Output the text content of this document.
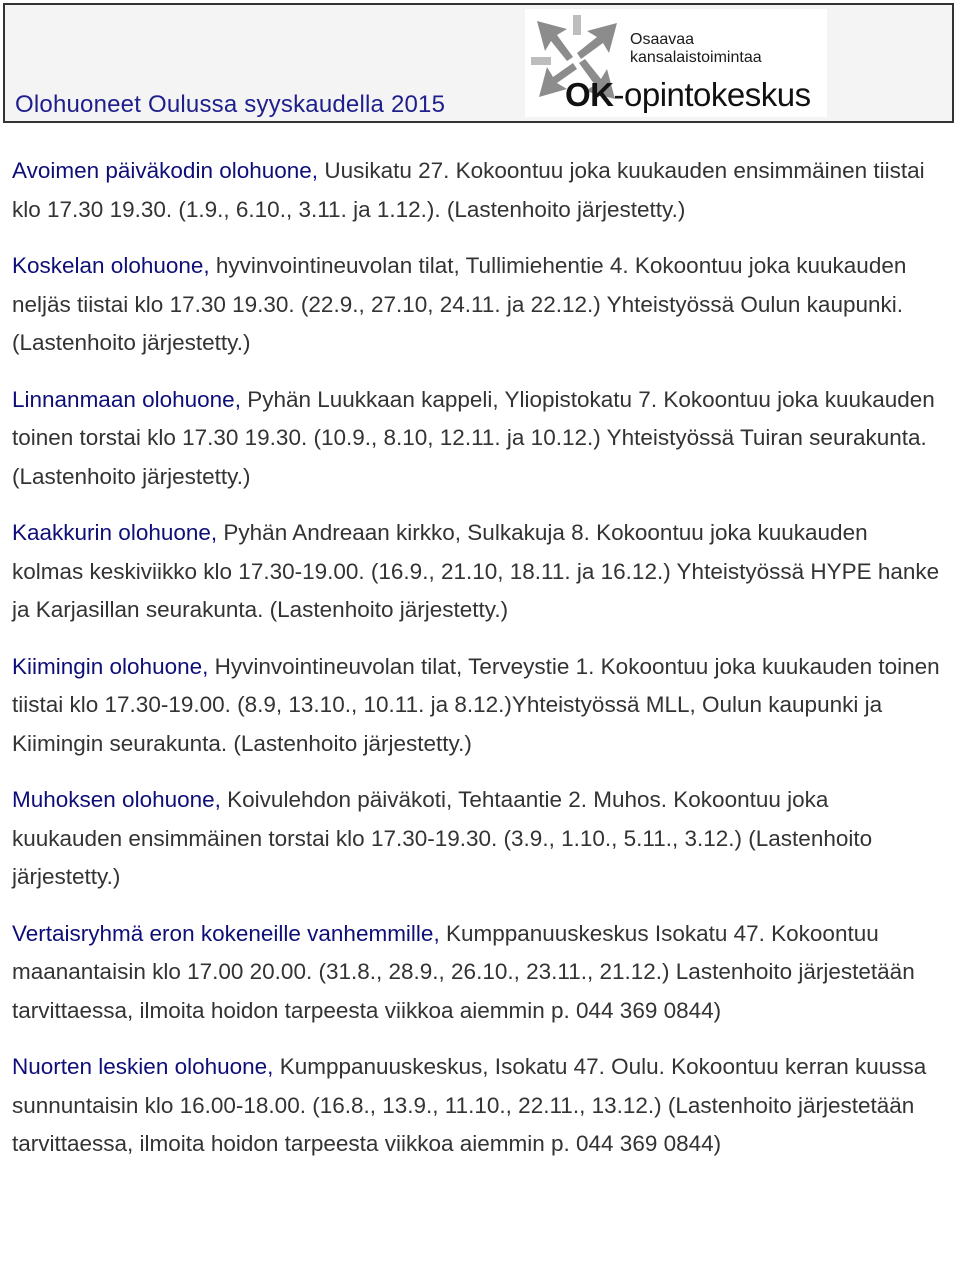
Olohuoneet Oulussa syyskaudella 2015
Osaavaa
kansalaistoimintaa
OK-opintokeskus
Avoimen päiväkodin olohuone, Uusikatu 27. Kokoontuu joka kuukauden ensimmäinen tiistai klo 17.30 19.30. (1.9., 6.10., 3.11. ja 1.12.). (Lastenhoito järjestetty.)
Koskelan olohuone, hyvinvointineuvolan tilat, Tullimiehentie 4. Kokoontuu joka kuukauden neljäs tiistai klo 17.30 19.30. (22.9., 27.10, 24.11. ja 22.12.) Yhteistyössä Oulun kaupunki. (Lastenhoito järjestetty.)
Linnanmaan olohuone, Pyhän Luukkaan kappeli, Yliopistokatu 7. Kokoontuu joka kuukauden toinen torstai klo 17.30 19.30. (10.9., 8.10, 12.11. ja 10.12.) Yhteistyössä Tuiran seurakunta. (Lastenhoito järjestetty.)
Kaakkurin olohuone, Pyhän Andreaan kirkko, Sulkakuja 8. Kokoontuu joka kuukauden kolmas keskiviikko klo 17.30-19.00. (16.9., 21.10, 18.11. ja 16.12.) Yhteistyössä HYPE hanke ja Karjasillan seurakunta. (Lastenhoito järjestetty.)
Kiimingin olohuone, Hyvinvointineuvolan tilat, Terveystie 1. Kokoontuu joka kuukauden toinen tiistai klo 17.30-19.00. (8.9, 13.10., 10.11. ja 8.12.)Yhteistyössä MLL, Oulun kaupunki ja Kiimingin seurakunta. (Lastenhoito järjestetty.)
Muhoksen olohuone, Koivulehdon päiväkoti, Tehtaantie 2. Muhos. Kokoontuu joka kuukauden ensimmäinen torstai klo 17.30-19.30. (3.9., 1.10., 5.11., 3.12.) (Lastenhoito järjestetty.)
Vertaisryhmä eron kokeneille vanhemmille, Kumppanuuskeskus Isokatu 47. Kokoontuu maanantaisin klo 17.00 20.00. (31.8., 28.9., 26.10., 23.11., 21.12.) Lastenhoito järjestetään tarvittaessa, ilmoita hoidon tarpeesta viikkoa aiemmin p. 044 369 0844)
Nuorten leskien olohuone, Kumppanuuskeskus, Isokatu 47. Oulu. Kokoontuu kerran kuussa sunnuntaisin klo 16.00-18.00. (16.8., 13.9., 11.10., 22.11., 13.12.) (Lastenhoito järjestetään tarvittaessa, ilmoita hoidon tarpeesta viikkoa aiemmin p. 044 369 0844)
